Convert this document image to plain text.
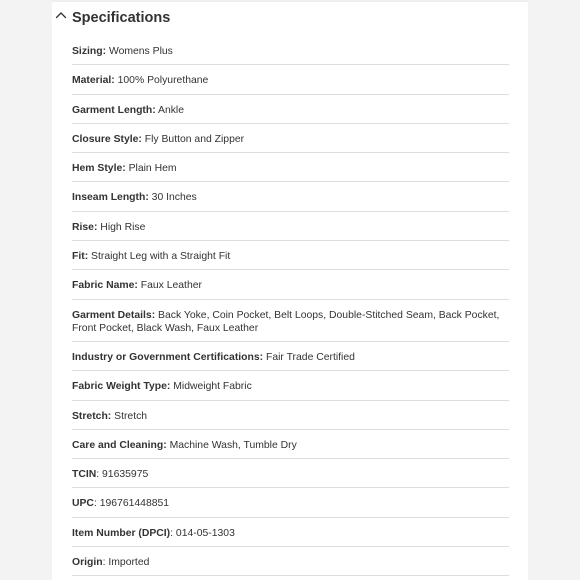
Specifications
Sizing: Womens Plus
Material: 100% Polyurethane
Garment Length: Ankle
Closure Style: Fly Button and Zipper
Hem Style: Plain Hem
Inseam Length: 30 Inches
Rise: High Rise
Fit: Straight Leg with a Straight Fit
Fabric Name: Faux Leather
Garment Details: Back Yoke, Coin Pocket, Belt Loops, Double-Stitched Seam, Back Pocket, Front Pocket, Black Wash, Faux Leather
Industry or Government Certifications: Fair Trade Certified
Fabric Weight Type: Midweight Fabric
Stretch: Stretch
Care and Cleaning: Machine Wash, Tumble Dry
TCIN: 91635975
UPC: 196761448851
Item Number (DPCI): 014-05-1303
Origin: Imported
